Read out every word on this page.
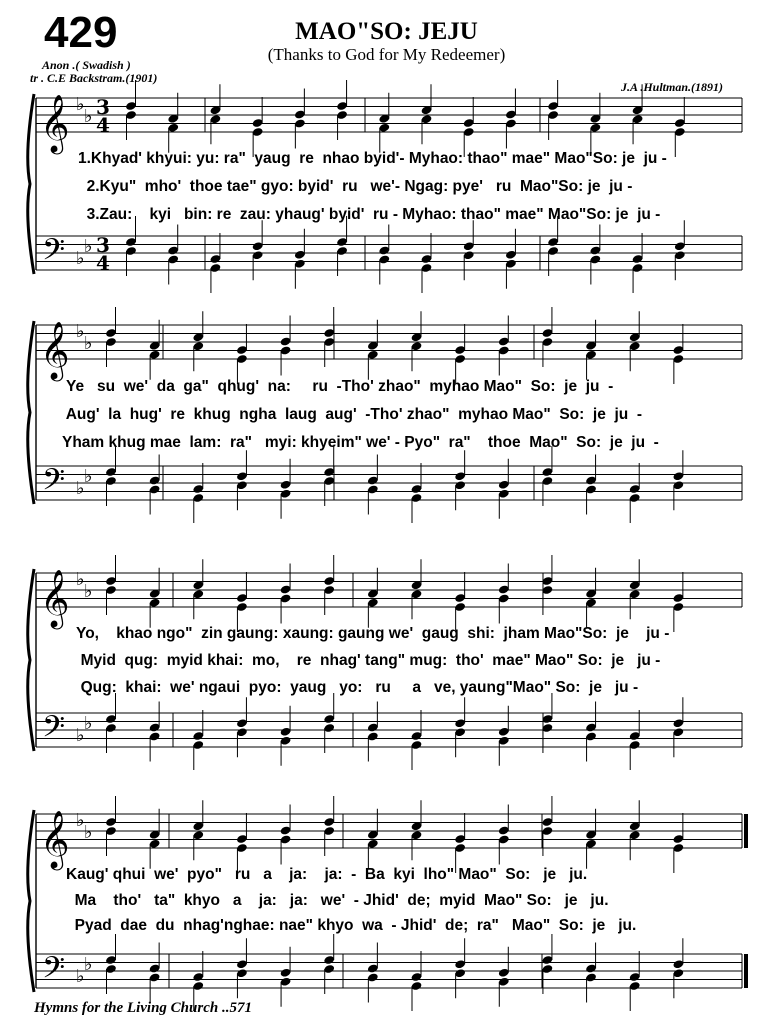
429	MAO"SO: JEJU
(Thanks to God for My Redeemer)
Anon .( Swadish )
tr . C.E Backstram.(1901)
J.A .Hultman.(1891)
𝄞
𝄢
♭
♭
♭
♭
3
4
3
4
𝄞
𝄢
♭
♭
♭
♭
𝄞
𝄢
♭
♭
♭
♭
𝄞
𝄢
♭
♭
♭
♭
1.Khyad' khyui: yu: ra"  yaug  re  nhao byid'- Myhao: thao" mae" Mao"So: je  ju -
2.Kyu"  mho'  thoe tae" gyo: byid'  ru   we'- Ngag: pye'   ru  Mao"So: je  ju -
3.Zau:    kyi   bin: re  zau: yhaug' byid'  ru - Myhao: thao" mae" Mao"So: je  ju -
Ye   su  we'  da  ga"  qhug'  na:     ru  -Tho' zhao"  myhao Mao"  So:  je  ju  -
Aug'  la  hug'  re  khug  ngha  laug  aug'  -Tho' zhao"  myhao Mao"  So:  je  ju  -
Yham khug mae  lam:  ra"   myi: khyeim" we' - Pyo"  ra"    thoe  Mao"  So:  je  ju  -
Yo,    khao ngo"  zin gaung: xaung: gaung we'  gaug  shi:  jham Mao"So:  je    ju -
Myid  qug:  myid khai:  mo,    re  nhag' tang" mug:  tho'  mae" Mao" So:  je   ju -
Qug:  khai:  we' ngaui  pyo:  yaug   yo:   ru     a   ve, yaung"Mao" So:  je   ju -
Kaug' qhui  we'  pyo"   ru   a    ja:    ja:  -  Ba  kyi  lho" Mao"  So:   je   ju.
Ma    tho'   ta"  khyo   a    ja:   ja:   we'  - Jhid'  de;  myid  Mao" So:   je   ju.
Pyad  dae  du  nhag'nghae: nae" khyo  wa  - Jhid'  de;  ra"   Mao"  So:  je   ju.
Hymns for the Living Church ..571
